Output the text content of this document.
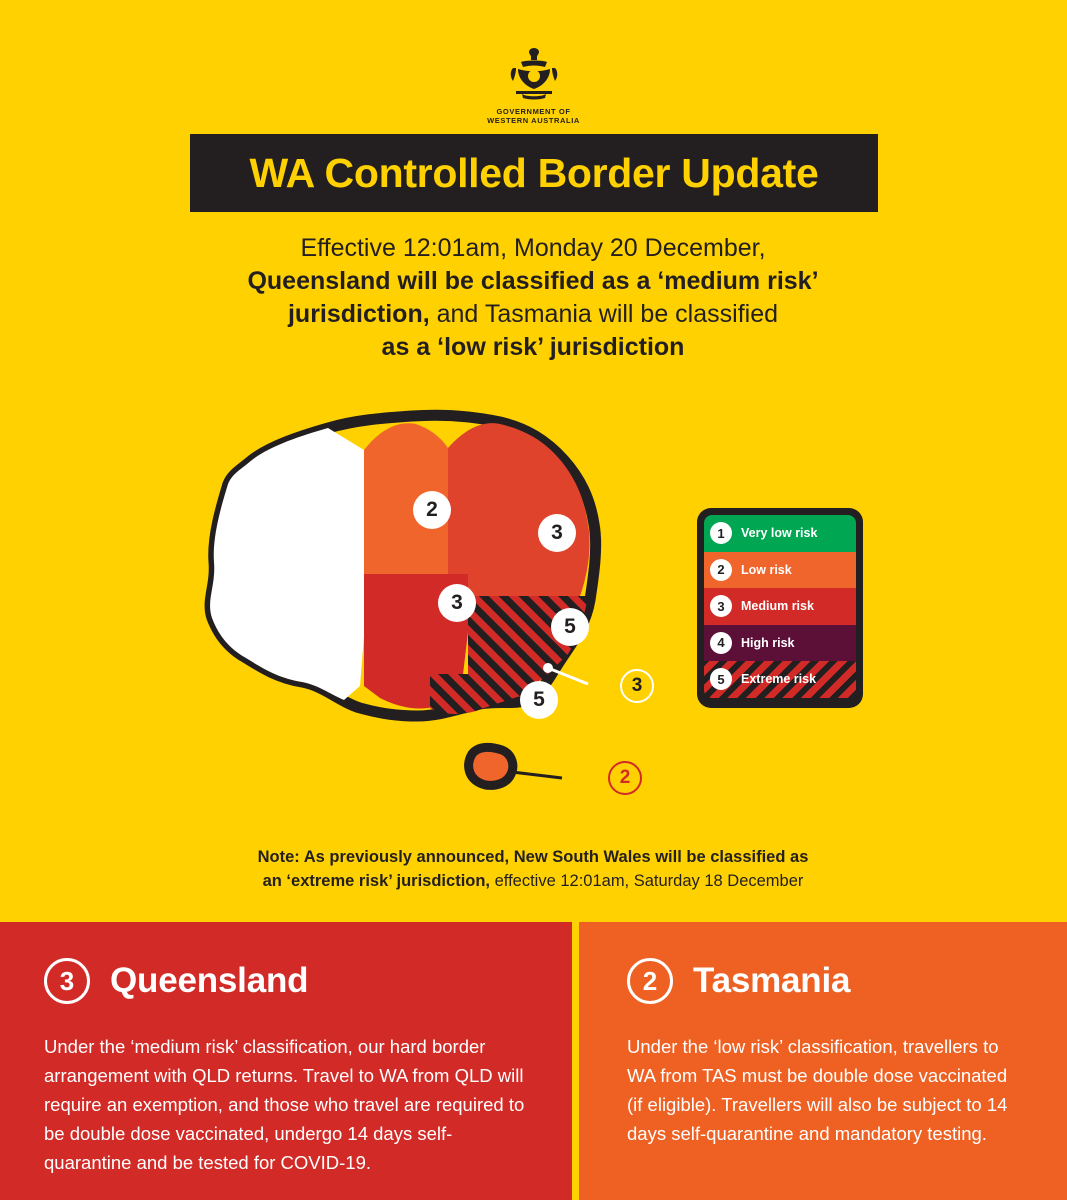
GOVERNMENT OF
WESTERN AUSTRALIA
WA Controlled Border Update
Effective 12:01am, Monday 20 December,
Queensland will be classified as a ‘medium risk’
jurisdiction, and Tasmania will be classified
as a ‘low risk’ jurisdiction
2
3
3
5
5
3
2
1	Very low risk
2	Low risk
3	Medium risk
4	High risk
5	Extreme risk
Note: As previously announced, New South Wales will be classified as
an ‘extreme risk’ jurisdiction, effective 12:01am, Saturday 18 December
3	Queensland
Under the ‘medium risk’ classification, our hard border arrangement with QLD returns. Travel to WA from QLD will require an exemption, and those who travel are required to be double dose vaccinated, undergo 14 days self-quarantine and be tested for COVID-19.
2	Tasmania
Under the ‘low risk’ classification, travellers to WA from TAS must be double dose vaccinated (if eligible). Travellers will also be subject to 14 days self-quarantine and mandatory testing.
